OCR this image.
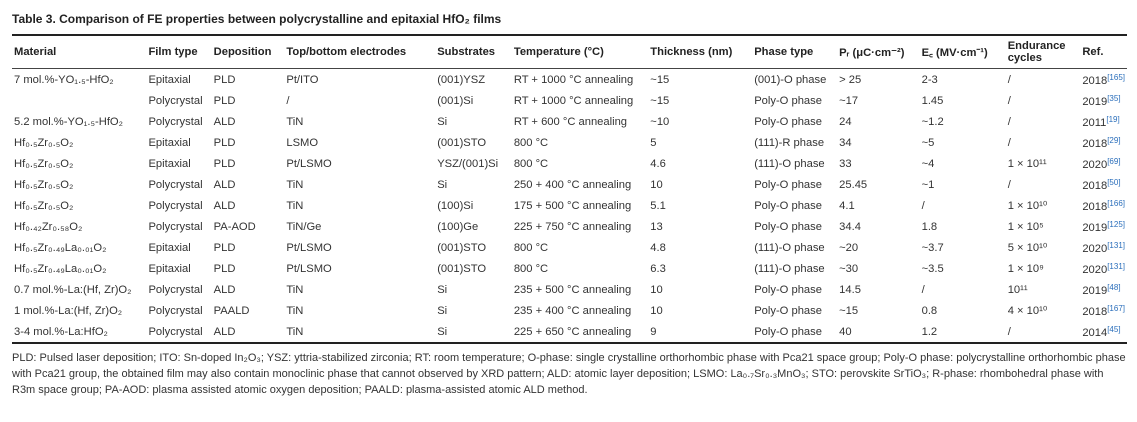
Table 3. Comparison of FE properties between polycrystalline and epitaxial HfO₂ films
Material	Film type	Deposition	Top/bottom electrodes	Substrates	Temperature (°C)	Thickness (nm)	Phase type	Pᵣ (μC·cm⁻²)	E꜀ (MV·cm⁻¹)	Endurance cycles	Ref.
7 mol.%-YO₁.₅-HfO₂	Epitaxial	PLD	Pt/ITO	(001)YSZ	RT + 1000 °C annealing	~15	(001)-O phase	> 25	2-3	/	2018[165]
	Polycrystal	PLD	/	(001)Si	RT + 1000 °C annealing	~15	Poly-O phase	~17	1.45	/	2019[35]
5.2 mol.%-YO₁.₅-HfO₂	Polycrystal	ALD	TiN	Si	RT + 600 °C annealing	~10	Poly-O phase	24	~1.2	/	2011[19]
Hf₀.₅Zr₀.₅O₂	Epitaxial	PLD	LSMO	(001)STO	800 °C	5	(111)-R phase	34	~5	/	2018[29]
Hf₀.₅Zr₀.₅O₂	Epitaxial	PLD	Pt/LSMO	YSZ/(001)Si	800 °C	4.6	(111)-O phase	33	~4	1 × 10¹¹	2020[69]
Hf₀.₅Zr₀.₅O₂	Polycrystal	ALD	TiN	Si	250 + 400 °C annealing	10	Poly-O phase	25.45	~1	/	2018[50]
Hf₀.₅Zr₀.₅O₂	Polycrystal	ALD	TiN	(100)Si	175 + 500 °C annealing	5.1	Poly-O phase	4.1	/	1 × 10¹⁰	2018[166]
Hf₀.₄₂Zr₀.₅₈O₂	Polycrystal	PA-AOD	TiN/Ge	(100)Ge	225 + 750 °C annealing	13	Poly-O phase	34.4	1.8	1 × 10⁵	2019[125]
Hf₀.₅Zr₀.₄₉La₀.₀₁O₂	Epitaxial	PLD	Pt/LSMO	(001)STO	800 °C	4.8	(111)-O phase	~20	~3.7	5 × 10¹⁰	2020[131]
Hf₀.₅Zr₀.₄₉La₀.₀₁O₂	Epitaxial	PLD	Pt/LSMO	(001)STO	800 °C	6.3	(111)-O phase	~30	~3.5	1 × 10⁹	2020[131]
0.7 mol.%-La:(Hf, Zr)O₂	Polycrystal	ALD	TiN	Si	235 + 500 °C annealing	10	Poly-O phase	14.5	/	10¹¹	2019[48]
1 mol.%-La:(Hf, Zr)O₂	Polycrystal	PAALD	TiN	Si	235 + 400 °C annealing	10	Poly-O phase	~15	0.8	4 × 10¹⁰	2018[167]
3-4 mol.%-La:HfO₂	Polycrystal	ALD	TiN	Si	225 + 650 °C annealing	9	Poly-O phase	40	1.2	/	2014[45]

PLD: Pulsed laser deposition; ITO: Sn-doped In₂O₃; YSZ: yttria-stabilized zirconia; RT: room temperature; O-phase: single crystalline orthorhombic phase with Pca21 space group; Poly-O phase: polycrystalline orthorhombic phase with Pca21 group, the obtained film may also contain monoclinic phase that cannot observed by XRD pattern; ALD: atomic layer deposition; LSMO: La₀.₇Sr₀.₃MnO₃; STO: perovskite SrTiO₃; R-phase: rhombohedral phase with R3m space group; PA-AOD: plasma assisted atomic oxygen deposition; PAALD: plasma-assisted atomic ALD method.
